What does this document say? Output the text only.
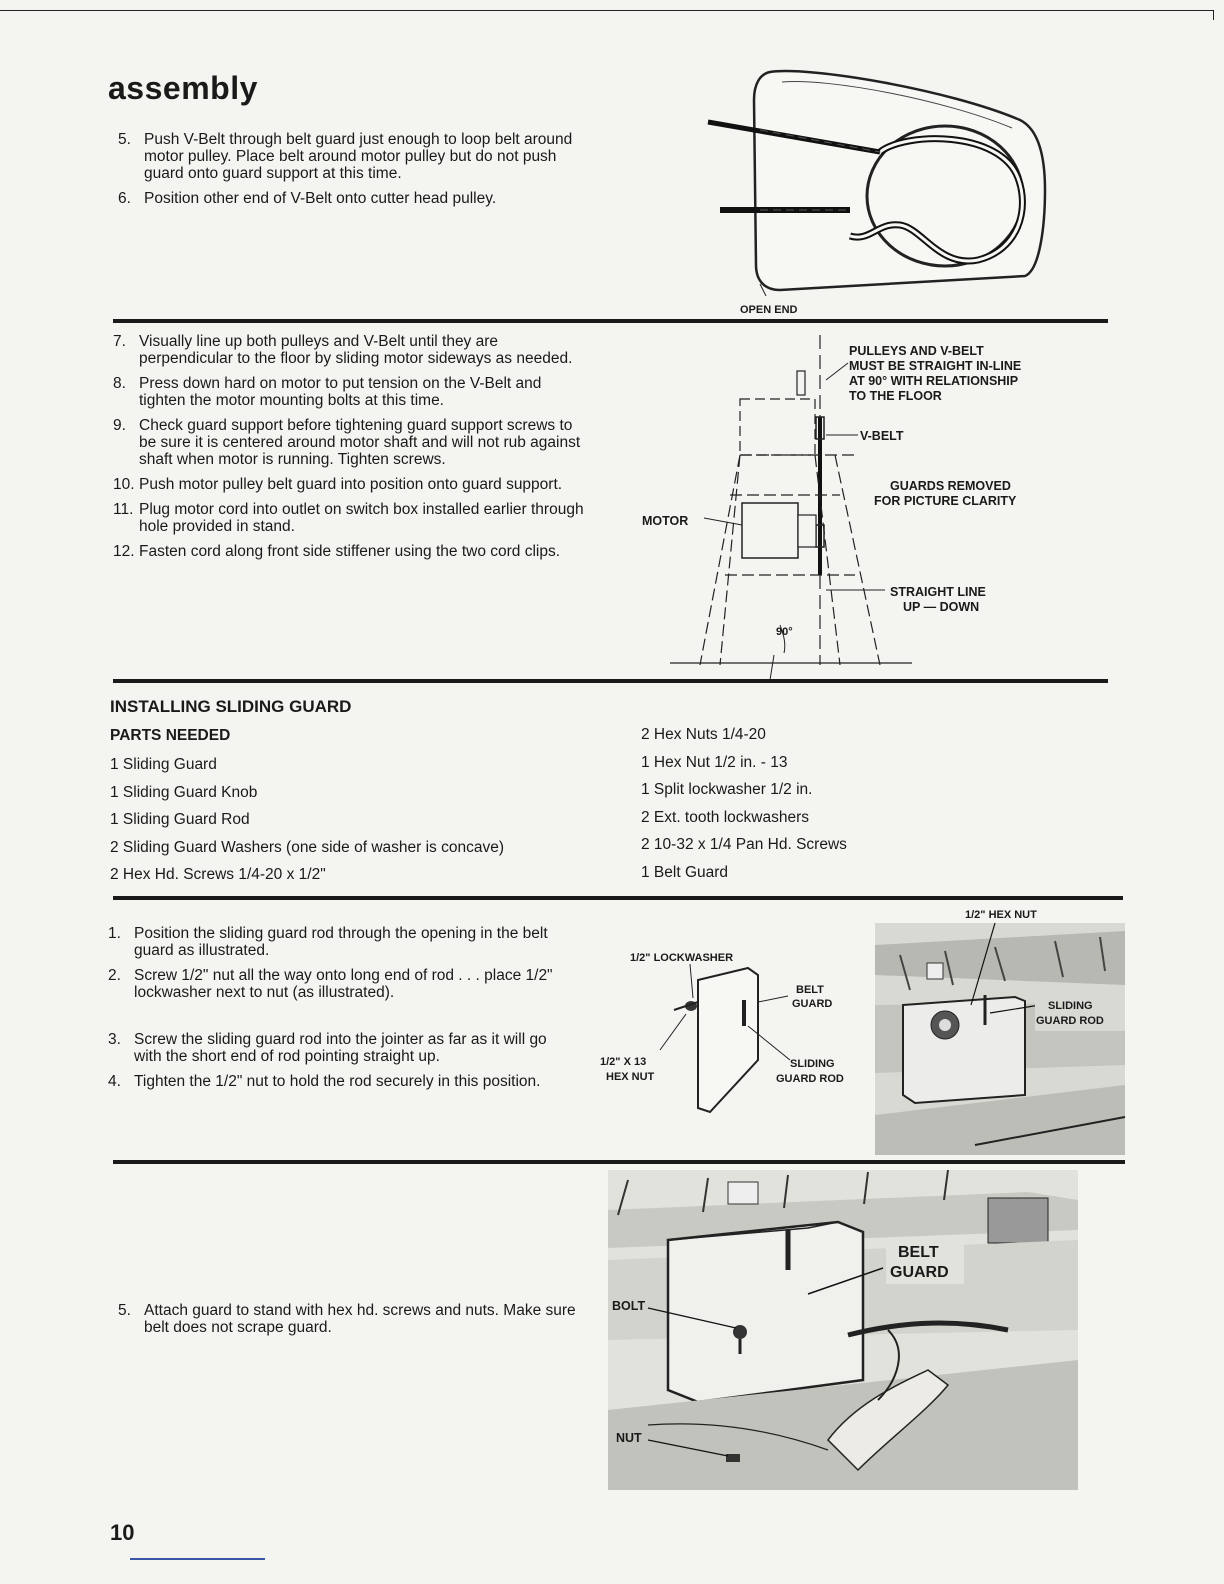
assembly
5. Push V-Belt through belt guard just enough to loop belt around motor pulley. Place belt around motor pulley but do not push guard onto guard support at this time.
6. Position other end of V-Belt onto cutter head pulley.
OPEN END
7. Visually line up both pulleys and V-Belt until they are perpendicular to the floor by sliding motor sideways as needed.
8. Press down hard on motor to put tension on the V-Belt and tighten the motor mounting bolts at this time.
9. Check guard support before tightening guard support screws to be sure it is centered around motor shaft and will not rub against shaft when motor is running. Tighten screws.
10. Push motor pulley belt guard into position onto guard support.
11. Plug motor cord into outlet on switch box installed earlier through hole provided in stand.
12. Fasten cord along front side stiffener using the two cord clips.
PULLEYS AND V-BELT
MUST BE STRAIGHT IN-LINE
AT 90° WITH RELATIONSHIP
TO THE FLOOR
V-BELT
GUARDS REMOVED
FOR PICTURE CLARITY
MOTOR
STRAIGHT LINE
UP — DOWN
90°
INSTALLING SLIDING GUARD
PARTS NEEDED
1 Sliding Guard
1 Sliding Guard Knob
1 Sliding Guard Rod
2 Sliding Guard Washers (one side of washer is concave)
2 Hex Hd. Screws 1/4-20 x 1/2"
2 Hex Nuts 1/4-20
1 Hex Nut 1/2 in. - 13
1 Split lockwasher 1/2 in.
2 Ext. tooth lockwashers
2 10-32 x 1/4 Pan Hd. Screws
1 Belt Guard
1. Position the sliding guard rod through the opening in the belt guard as illustrated.
2. Screw 1/2" nut all the way onto long end of rod . . . place 1/2" lockwasher next to nut (as illustrated).
3. Screw the sliding guard rod into the jointer as far as it will go with the short end of rod pointing straight up.
4. Tighten the 1/2" nut to hold the rod securely in this position.
1/2" LOCKWASHER
BELT
GUARD
1/2" X 13
HEX NUT
SLIDING
GUARD ROD
1/2" HEX NUT
SLIDING
GUARD ROD
5. Attach guard to stand with hex hd. screws and nuts. Make sure belt does not scrape guard.
BELT
GUARD
BOLT
NUT
10
